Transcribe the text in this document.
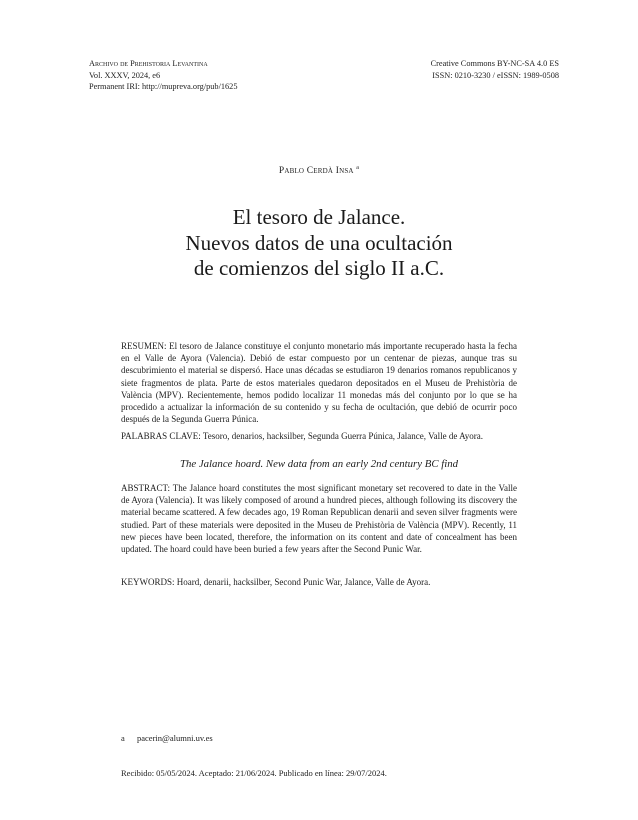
Archivo de Prehistoria Levantina
Vol. XXXV, 2024, e6
Permanent IRI: http://mupreva.org/pub/1625
Creative Commons BY-NC-SA 4.0 ES
ISSN: 0210-3230 / eISSN: 1989-0508
Pablo Cerdà Insa $^a$
El tesoro de Jalance.
Nuevos datos de una ocultación
de comienzos del siglo II a.C.
RESUMEN: El tesoro de Jalance constituye el conjunto monetario más importante recuperado hasta la fecha en el Valle de Ayora (Valencia). Debió de estar compuesto por un centenar de piezas, aunque tras su descubrimiento el material se dispersó. Hace unas décadas se estudiaron 19 denarios romanos republicanos y siete fragmentos de plata. Parte de estos materiales quedaron depositados en el Museu de Prehistòria de València (MPV). Recientemente, hemos podido localizar 11 monedas más del conjunto por lo que se ha procedido a actualizar la información de su contenido y su fecha de ocultación, que debió de ocurrir poco después de la Segunda Guerra Púnica.
PALABRAS CLAVE: Tesoro, denarios, hacksilber, Segunda Guerra Púnica, Jalance, Valle de Ayora.
The Jalance hoard. New data from an early 2nd century BC find
ABSTRACT: The Jalance hoard constitutes the most significant monetary set recovered to date in the Valle de Ayora (Valencia). It was likely composed of around a hundred pieces, although following its discovery the material became scattered. A few decades ago, 19 Roman Republican denarii and seven silver fragments were studied. Part of these materials were deposited in the Museu de Prehistòria de València (MPV). Recently, 11 new pieces have been located, therefore, the information on its content and date of concealment has been updated. The hoard could have been buried a few years after the Second Punic War.
KEYWORDS: Hoard, denarii, hacksilber, Second Punic War, Jalance, Valle de Ayora.
a pacerin@alumni.uv.es
Recibido: 05/05/2024. Aceptado: 21/06/2024. Publicado en línea: 29/07/2024.
